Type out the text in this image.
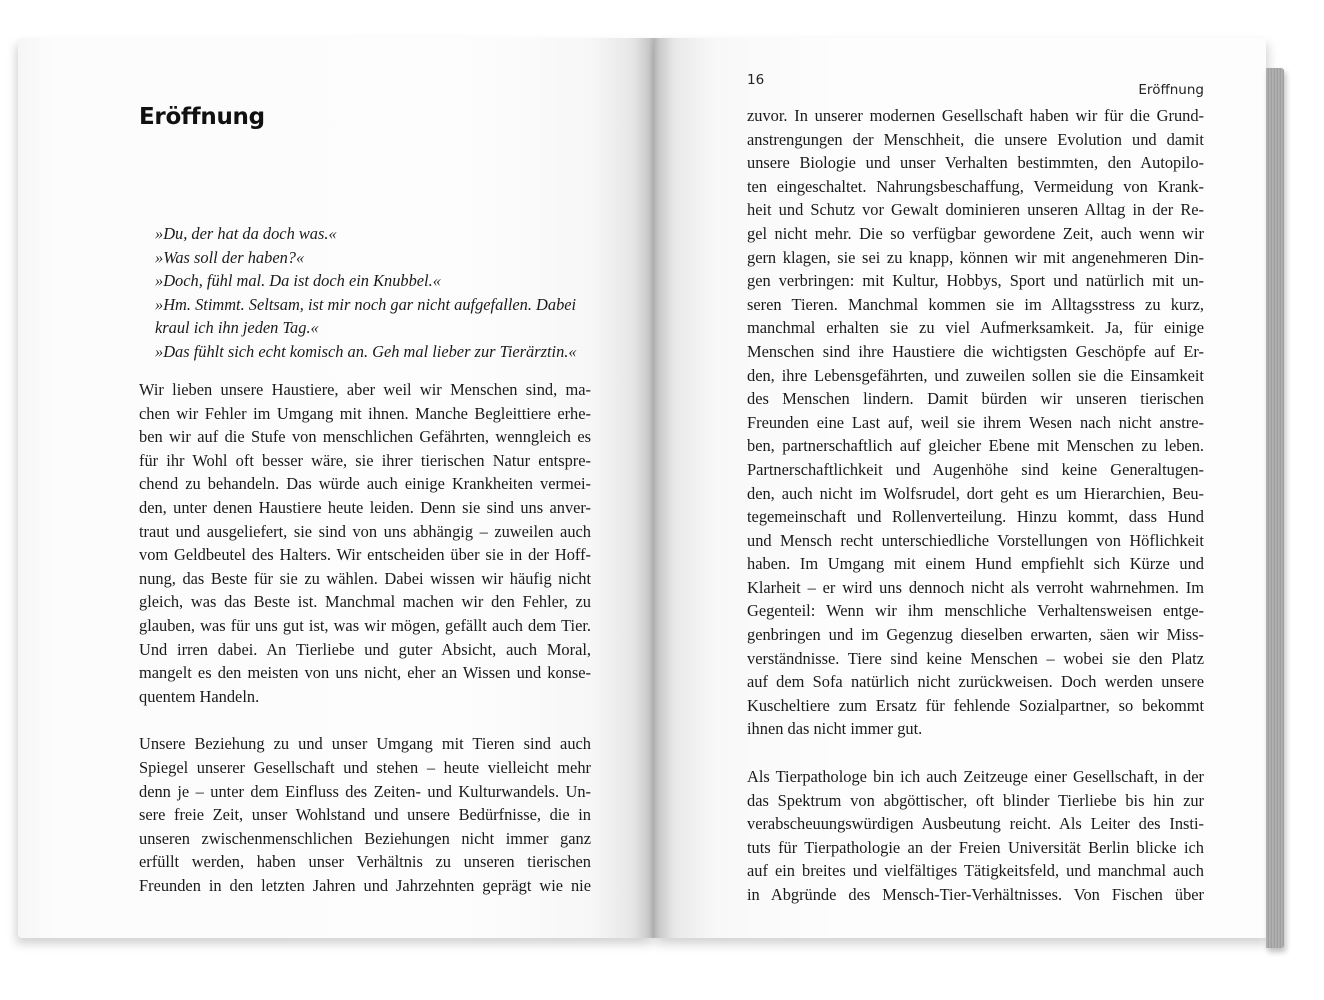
Eröffnung
»Du, der hat da doch was.«
»Was soll der haben?«
»Doch, fühl mal. Da ist doch ein Knubbel.«
»Hm. Stimmt. Seltsam, ist mir noch gar nicht aufgefallen. Dabei
kraul ich ihn jeden Tag.«
»Das fühlt sich echt komisch an. Geh mal lieber zur Tierärztin.«
Wir lieben unsere Haustiere, aber weil wir Menschen sind, ma-
chen wir Fehler im Umgang mit ihnen. Manche Begleittiere erhe-
ben wir auf die Stufe von menschlichen Gefährten, wenngleich es
für ihr Wohl oft besser wäre, sie ihrer tierischen Natur entspre-
chend zu behandeln. Das würde auch einige Krankheiten vermei-
den, unter denen Haustiere heute leiden. Denn sie sind uns anver-
traut und ausgeliefert, sie sind von uns abhängig – zuweilen auch
vom Geldbeutel des Halters. Wir entscheiden über sie in der Hoff-
nung, das Beste für sie zu wählen. Dabei wissen wir häufig nicht
gleich, was das Beste ist. Manchmal machen wir den Fehler, zu
glauben, was für uns gut ist, was wir mögen, gefällt auch dem Tier.
Und irren dabei. An Tierliebe und guter Absicht, auch Moral,
mangelt es den meisten von uns nicht, eher an Wissen und konse-
quentem Handeln.
Unsere Beziehung zu und unser Umgang mit Tieren sind auch
Spiegel unserer Gesellschaft und stehen – heute vielleicht mehr
denn je – unter dem Einfluss des Zeiten- und Kulturwandels. Un-
sere freie Zeit, unser Wohlstand und unsere Bedürfnisse, die in
unseren zwischenmenschlichen Beziehungen nicht immer ganz
erfüllt werden, haben unser Verhältnis zu unseren tierischen
Freunden in den letzten Jahren und Jahrzehnten geprägt wie nie
16
Eröffnung
zuvor. In unserer modernen Gesellschaft haben wir für die Grund-
anstrengungen der Menschheit, die unsere Evolution und damit
unsere Biologie und unser Verhalten bestimmten, den Autopilo-
ten eingeschaltet. Nahrungsbeschaffung, Vermeidung von Krank-
heit und Schutz vor Gewalt dominieren unseren Alltag in der Re-
gel nicht mehr. Die so verfügbar gewordene Zeit, auch wenn wir
gern klagen, sie sei zu knapp, können wir mit angenehmeren Din-
gen verbringen: mit Kultur, Hobbys, Sport und natürlich mit un-
seren Tieren. Manchmal kommen sie im Alltagsstress zu kurz,
manchmal erhalten sie zu viel Aufmerksamkeit. Ja, für einige
Menschen sind ihre Haustiere die wichtigsten Geschöpfe auf Er-
den, ihre Lebensgefährten, und zuweilen sollen sie die Einsamkeit
des Menschen lindern. Damit bürden wir unseren tierischen
Freunden eine Last auf, weil sie ihrem Wesen nach nicht anstre-
ben, partnerschaftlich auf gleicher Ebene mit Menschen zu leben.
Partnerschaftlichkeit und Augenhöhe sind keine Generaltugen-
den, auch nicht im Wolfsrudel, dort geht es um Hierarchien, Beu-
tegemeinschaft und Rollenverteilung. Hinzu kommt, dass Hund
und Mensch recht unterschiedliche Vorstellungen von Höflichkeit
haben. Im Umgang mit einem Hund empfiehlt sich Kürze und
Klarheit – er wird uns dennoch nicht als verroht wahrnehmen. Im
Gegenteil: Wenn wir ihm menschliche Verhaltensweisen entge-
genbringen und im Gegenzug dieselben erwarten, säen wir Miss-
verständnisse. Tiere sind keine Menschen – wobei sie den Platz
auf dem Sofa natürlich nicht zurückweisen. Doch werden unsere
Kuscheltiere zum Ersatz für fehlende Sozialpartner, so bekommt
ihnen das nicht immer gut.
Als Tierpathologe bin ich auch Zeitzeuge einer Gesellschaft, in der
das Spektrum von abgöttischer, oft blinder Tierliebe bis hin zur
verabscheuungswürdigen Ausbeutung reicht. Als Leiter des Insti-
tuts für Tierpathologie an der Freien Universität Berlin blicke ich
auf ein breites und vielfältiges Tätigkeitsfeld, und manchmal auch
in Abgründe des Mensch-Tier-Verhältnisses. Von Fischen über
